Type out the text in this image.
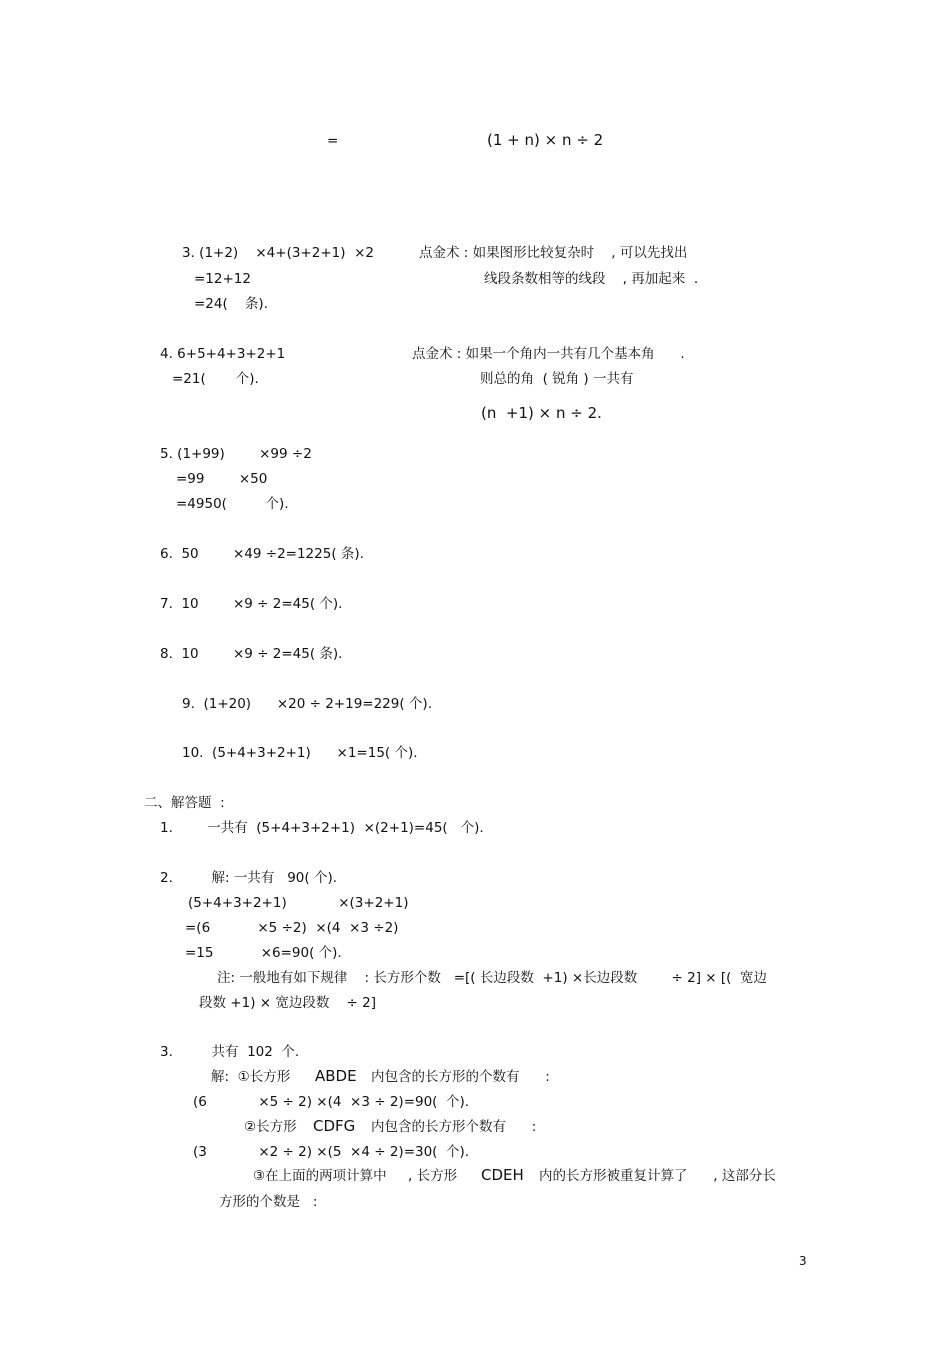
=	(1 + n) × n ÷ 2
3. (1+2)    ×4+(3+2+1)  ×2	点金术 : 如果图形比较复杂时    , 可以先找出
=12+12	线段条数相等的线段    , 再加起来  .
=24(    条).
4. 6+5+4+3+2+1	点金术 : 如果一个角内一共有几个基本角      .
=21(       个).	则总的角  ( 锐角 ) 一共有
(n  +1) × n ÷ 2.
5. (1+99)        ×99 ÷2
=99        ×50
=4950(         个).
6.  50        ×49 ÷2=1225( 条).
7.  10        ×9 ÷ 2=45( 个).
8.  10        ×9 ÷ 2=45( 条).
9.  (1+20)      ×20 ÷ 2+19=229( 个).
10.  (5+4+3+2+1)      ×1=15( 个).
二、解答题  :
1.        一共有  (5+4+3+2+1)  ×(2+1)=45(   个).
2.         解: 一共有   90( 个).
(5+4+3+2+1)            ×(3+2+1)
=(6           ×5 ÷2)  ×(4  ×3 ÷2)
=15           ×6=90( 个).
注: 一般地有如下规律    : 长方形个数   =[( 长边段数  +1) ×长边段数        ÷ 2] × [(  宽边
段数 +1) × 宽边段数    ÷ 2]
3.         共有  102  个.
解:  ①长方形 ABDE 内包含的长方形的个数有      :
(6            ×5 ÷ 2) ×(4  ×3 ÷ 2)=90(  个).
②长方形 CDFG 内包含的长方形个数有      :
(3            ×2 ÷ 2) ×(5  ×4 ÷ 2)=30(  个).
③在上面的两项计算中     , 长方形 CDEH 内的长方形被重复计算了      , 这部分长
方形的个数是   :
3
